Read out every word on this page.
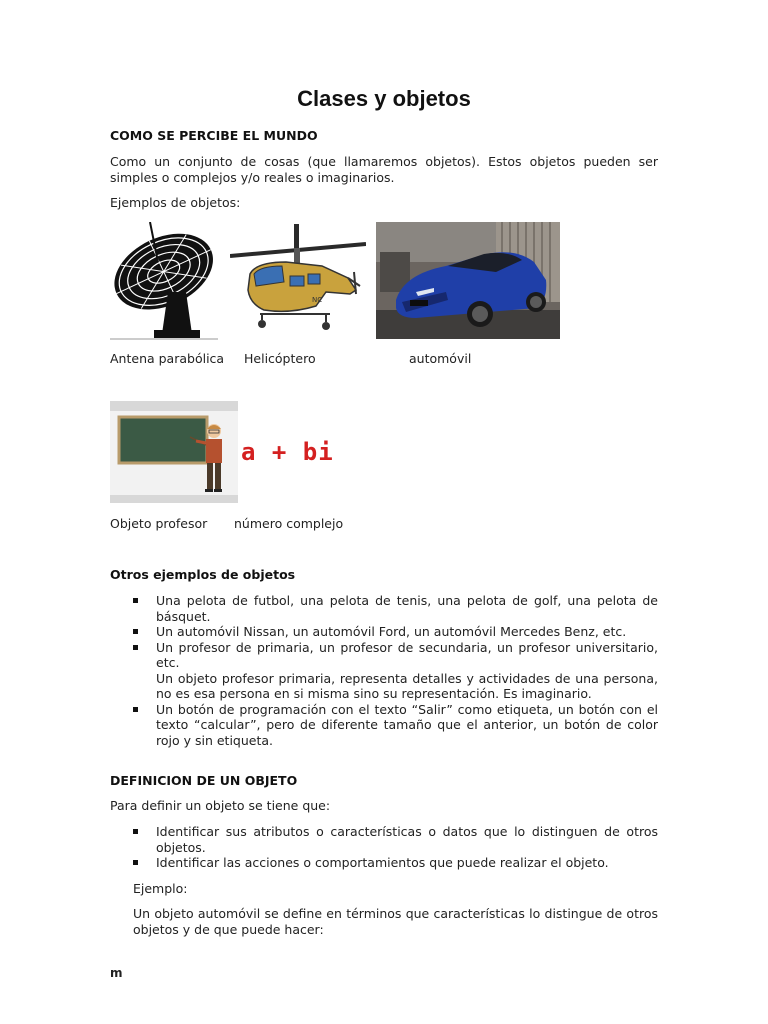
Clases y objetos
COMO SE PERCIBE EL MUNDO
Como un conjunto de cosas (que llamaremos objetos). Estos objetos pueden ser simples o complejos y/o reales o imaginarios.
Ejemplos de objetos:
NC
Antena parabólica Helicóptero	automóvil
a + bi
Objeto profesor número complejo
Otros ejemplos de objetos
Una pelota de futbol, una pelota de tenis, una pelota de golf, una pelota de básquet.
Un automóvil Nissan, un automóvil Ford, un automóvil Mercedes Benz, etc.
Un profesor de primaria, un profesor de secundaria, un profesor universitario, etc.
Un objeto profesor primaria, representa detalles y actividades de una persona, no es esa persona en si misma sino su representación. Es imaginario.
Un botón de programación con el texto “Salir” como etiqueta, un botón con el texto “calcular”, pero de diferente tamaño que el anterior, un botón de color rojo y sin etiqueta.
DEFINICION DE UN OBJETO
Para definir un objeto se tiene que:
Identificar sus atributos o características o datos que lo distinguen de otros objetos.
Identificar las acciones o comportamientos que puede realizar el objeto.
Ejemplo:
Un objeto automóvil se define en términos que características lo distingue de otros objetos y de que puede hacer:
m
